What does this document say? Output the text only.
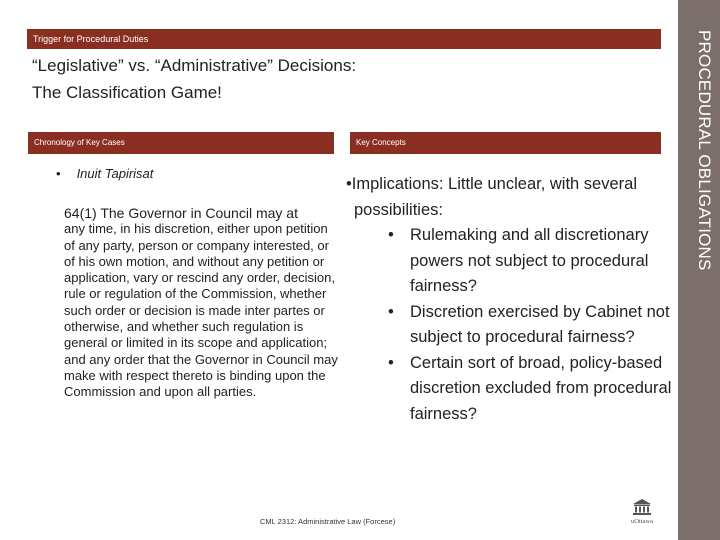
Trigger for Procedural Duties	PROCEDURAL OBLIGATIONS
“Legislative” vs. “Administrative” Decisions:
The Classification Game!
Chronology of Key Cases	Key Concepts
• Inuit Tapirisat
64(1) The Governor in Council may at
any time, in his discretion, either upon petition of any party, person or company interested, or of his own motion, and without any petition or application, vary or rescind any order, decision, rule or regulation of the Commission, whether such order or decision is made inter partes or otherwise, and whether such regulation is general or limited in its scope and application; and any order that the Governor in Council may make with respect thereto is binding upon the Commission and upon all parties.
•Implications: Little unclear, with several possibilities:
• Rulemaking and all discretionary powers not subject to procedural fairness?
• Discretion exercised by Cabinet not subject to procedural fairness?
• Certain sort of broad, policy-based discretion excluded from procedural fairness?
CML 2312: Administrative Law (Forcese)	uOttawa
